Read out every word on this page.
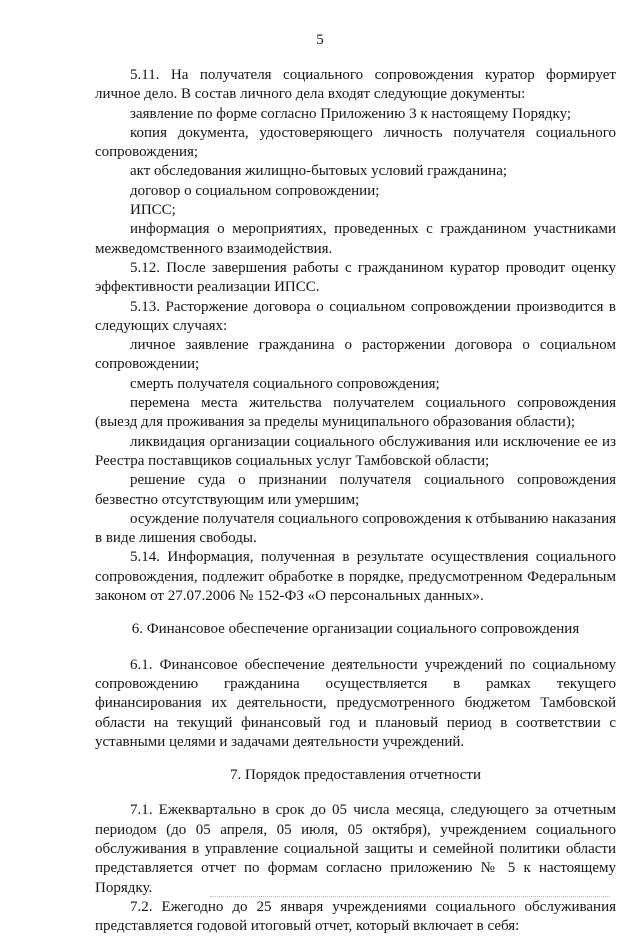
5

5.11. На получателя социального сопровождения куратор формирует личное дело. В состав личного дела входят следующие документы:

заявление по форме согласно Приложению 3 к настоящему Порядку;

копия документа, удостоверяющего личность получателя социального сопровождения;

акт обследования жилищно-бытовых условий гражданина;

договор о социальном сопровождении;

ИПСС;

информация о мероприятиях, проведенных с гражданином участниками межведомственного взаимодействия.

5.12. После завершения работы с гражданином куратор проводит оценку эффективности реализации ИПСС.

5.13. Расторжение договора о социальном сопровождении производится в следующих случаях:

личное заявление гражданина о расторжении договора о социальном сопровождении;

смерть получателя социального сопровождения;

перемена места жительства получателем социального сопровождения (выезд для проживания за пределы муниципального образования области);

ликвидация организации социального обслуживания или исключение ее из Реестра поставщиков социальных услуг Тамбовской области;

решение суда о признании получателя социального сопровождения безвестно отсутствующим или умершим;

осуждение получателя социального сопровождения к отбыванию наказания в виде лишения свободы.

5.14. Информация, полученная в результате осуществления социального сопровождения, подлежит обработке в порядке, предусмотренном Федеральным законом от 27.07.2006 № 152-ФЗ «О персональных данных».

6. Финансовое обеспечение организации социального сопровождения

6.1. Финансовое обеспечение деятельности учреждений по социальному сопровождению гражданина осуществляется в рамках текущего финансирования их деятельности, предусмотренного бюджетом Тамбовской области на текущий финансовый год и плановый период в соответствии с уставными целями и задачами деятельности учреждений.

7. Порядок предоставления отчетности

7.1. Ежеквартально в срок до 05 числа месяца, следующего за отчетным периодом (до 05 апреля, 05 июля, 05 октября), учреждением социального обслуживания в управление социальной защиты и семейной политики области представляется отчет по формам согласно приложению № 5 к настоящему Порядку.

7.2. Ежегодно до 25 января учреждениями социального обслуживания представляется годовой итоговый отчет, который включает в себя:
